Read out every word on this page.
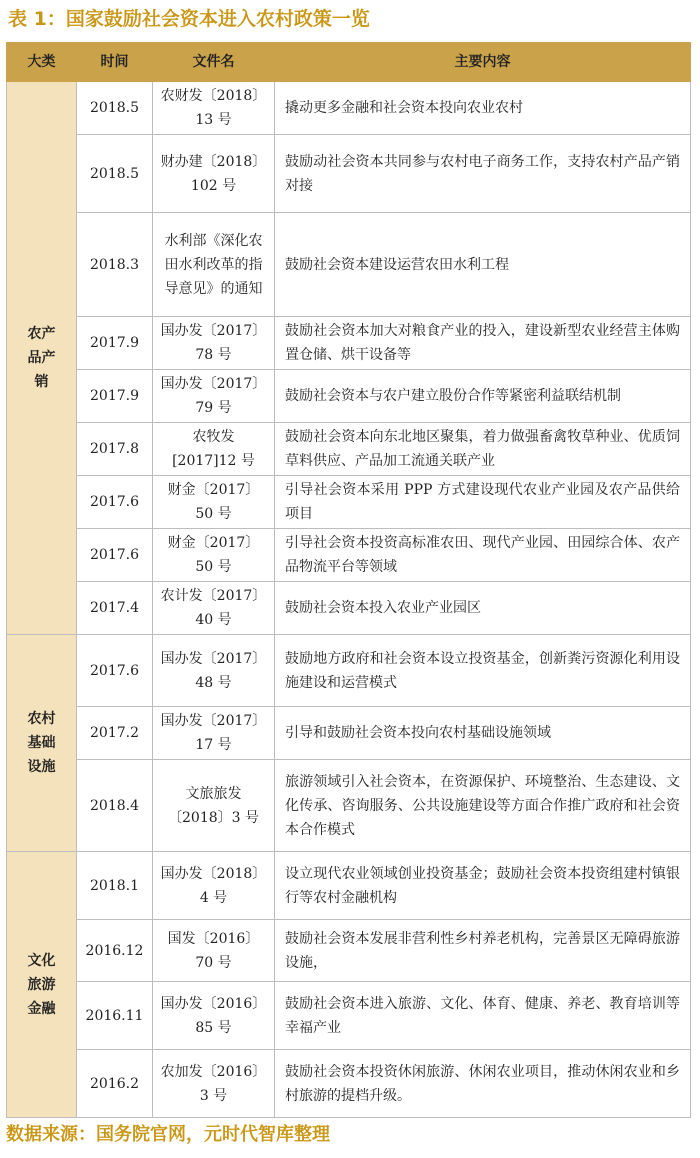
表 1：国家鼓励社会资本进入农村政策一览
大类	时间	文件名	主要内容
农产品产销	2018.5	农财发〔2018〕13 号	撬动更多金融和社会资本投向农业农村
	2018.5	财办建〔2018〕102 号	鼓励动社会资本共同参与农村电子商务工作，支持农村产品产销对接
	2018.3	水利部《深化农田水利改革的指导意见》的通知	鼓励社会资本建设运营农田水利工程
	2017.9	国办发〔2017〕78 号	鼓励社会资本加大对粮食产业的投入，建设新型农业经营主体购置仓储、烘干设备等
	2017.9	国办发〔2017〕79 号	鼓励社会资本与农户建立股份合作等紧密利益联结机制
	2017.8	农牧发 [2017]12 号	鼓励社会资本向东北地区聚集，着力做强畜禽牧草种业、优质饲草料供应、产品加工流通关联产业
	2017.6	财金〔2017〕50 号	引导社会资本采用 PPP 方式建设现代农业产业园及农产品供给项目
	2017.6	财金〔2017〕50 号	引导社会资本投资高标准农田、现代产业园、田园综合体、农产品物流平台等领域
	2017.4	农计发〔2017〕40 号	鼓励社会资本投入农业产业园区
农村基础设施	2017.6	国办发〔2017〕48 号	鼓励地方政府和社会资本设立投资基金，创新粪污资源化利用设施建设和运营模式
	2017.2	国办发〔2017〕17 号	引导和鼓励社会资本投向农村基础设施领域
	2018.4	文旅旅发〔2018〕3 号	旅游领域引入社会资本，在资源保护、环境整治、生态建设、文化传承、咨询服务、公共设施建设等方面合作推广政府和社会资本合作模式
文化旅游金融	2018.1	国办发〔2018〕4 号	设立现代农业领域创业投资基金；鼓励社会资本投资组建村镇银行等农村金融机构
	2016.12	国发〔2016〕70 号	鼓励社会资本发展非营利性乡村养老机构，完善景区无障碍旅游设施，
	2016.11	国办发〔2016〕85 号	鼓励社会资本进入旅游、文化、体育、健康、养老、教育培训等幸福产业
	2016.2	农加发〔2016〕3 号	鼓励社会资本投资休闲旅游、休闲农业项目，推动休闲农业和乡村旅游的提档升级。
数据来源：国务院官网，元时代智库整理
